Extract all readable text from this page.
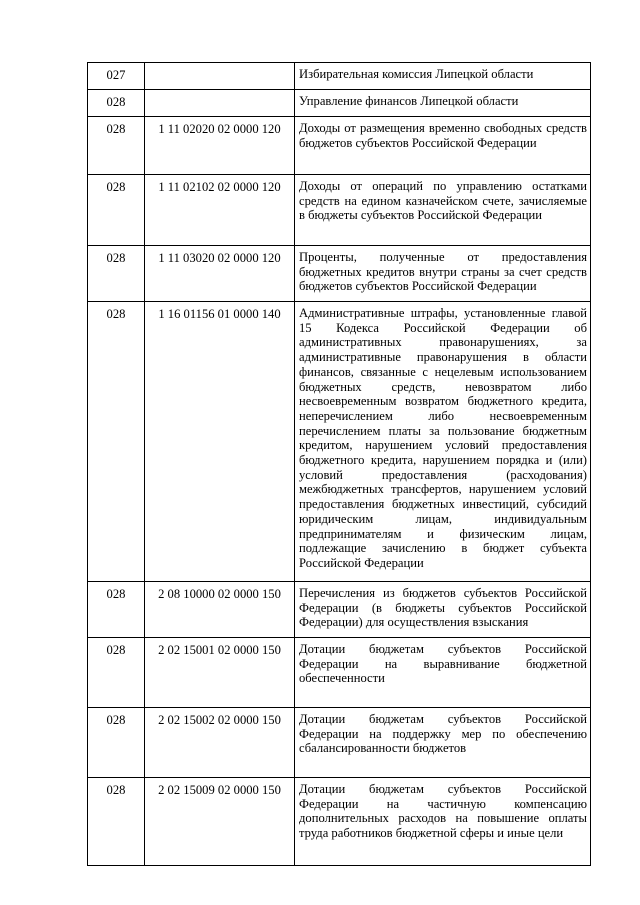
027		Избирательная комиссия Липецкой области
028		Управление финансов Липецкой области
028	1 11 02020 02 0000 120	Доходы от размещения временно свободных средств бюджетов субъектов Российской Федерации
028	1 11 02102 02 0000 120	Доходы от операций по управлению остатками средств на едином казначейском счете, зачисляемые в бюджеты субъектов Российской Федерации
028	1 11 03020 02 0000 120	Проценты, полученные от предоставления бюджетных кредитов внутри страны за счет средств бюджетов субъектов Российской Федерации
028	1 16 01156 01 0000 140	Административные штрафы, установленные главой 15 Кодекса Российской Федерации об административных правонарушениях, за административные правонарушения в области финансов, связанные с нецелевым использованием бюджетных средств, невозвратом либо несвоевременным возвратом бюджетного кредита, неперечислением либо несвоевременным перечислением платы за пользование бюджетным кредитом, нарушением условий предоставления бюджетного кредита, нарушением порядка и (или) условий предоставления (расходования) межбюджетных трансфертов, нарушением условий предоставления бюджетных инвестиций, субсидий юридическим лицам, индивидуальным предпринимателям и физическим лицам, подлежащие зачислению в бюджет субъекта Российской Федерации
028	2 08 10000 02 0000 150	Перечисления из бюджетов субъектов Российской Федерации (в бюджеты субъектов Российской Федерации) для осуществления взыскания
028	2 02 15001 02 0000 150	Дотации бюджетам субъектов Российской Федерации на выравнивание бюджетной обеспеченности
028	2 02 15002 02 0000 150	Дотации бюджетам субъектов Российской Федерации на поддержку мер по обеспечению сбалансированности бюджетов
028	2 02 15009 02 0000 150	Дотации бюджетам субъектов Российской Федерации на частичную компенсацию дополнительных расходов на повышение оплаты труда работников бюджетной сферы и иные цели
